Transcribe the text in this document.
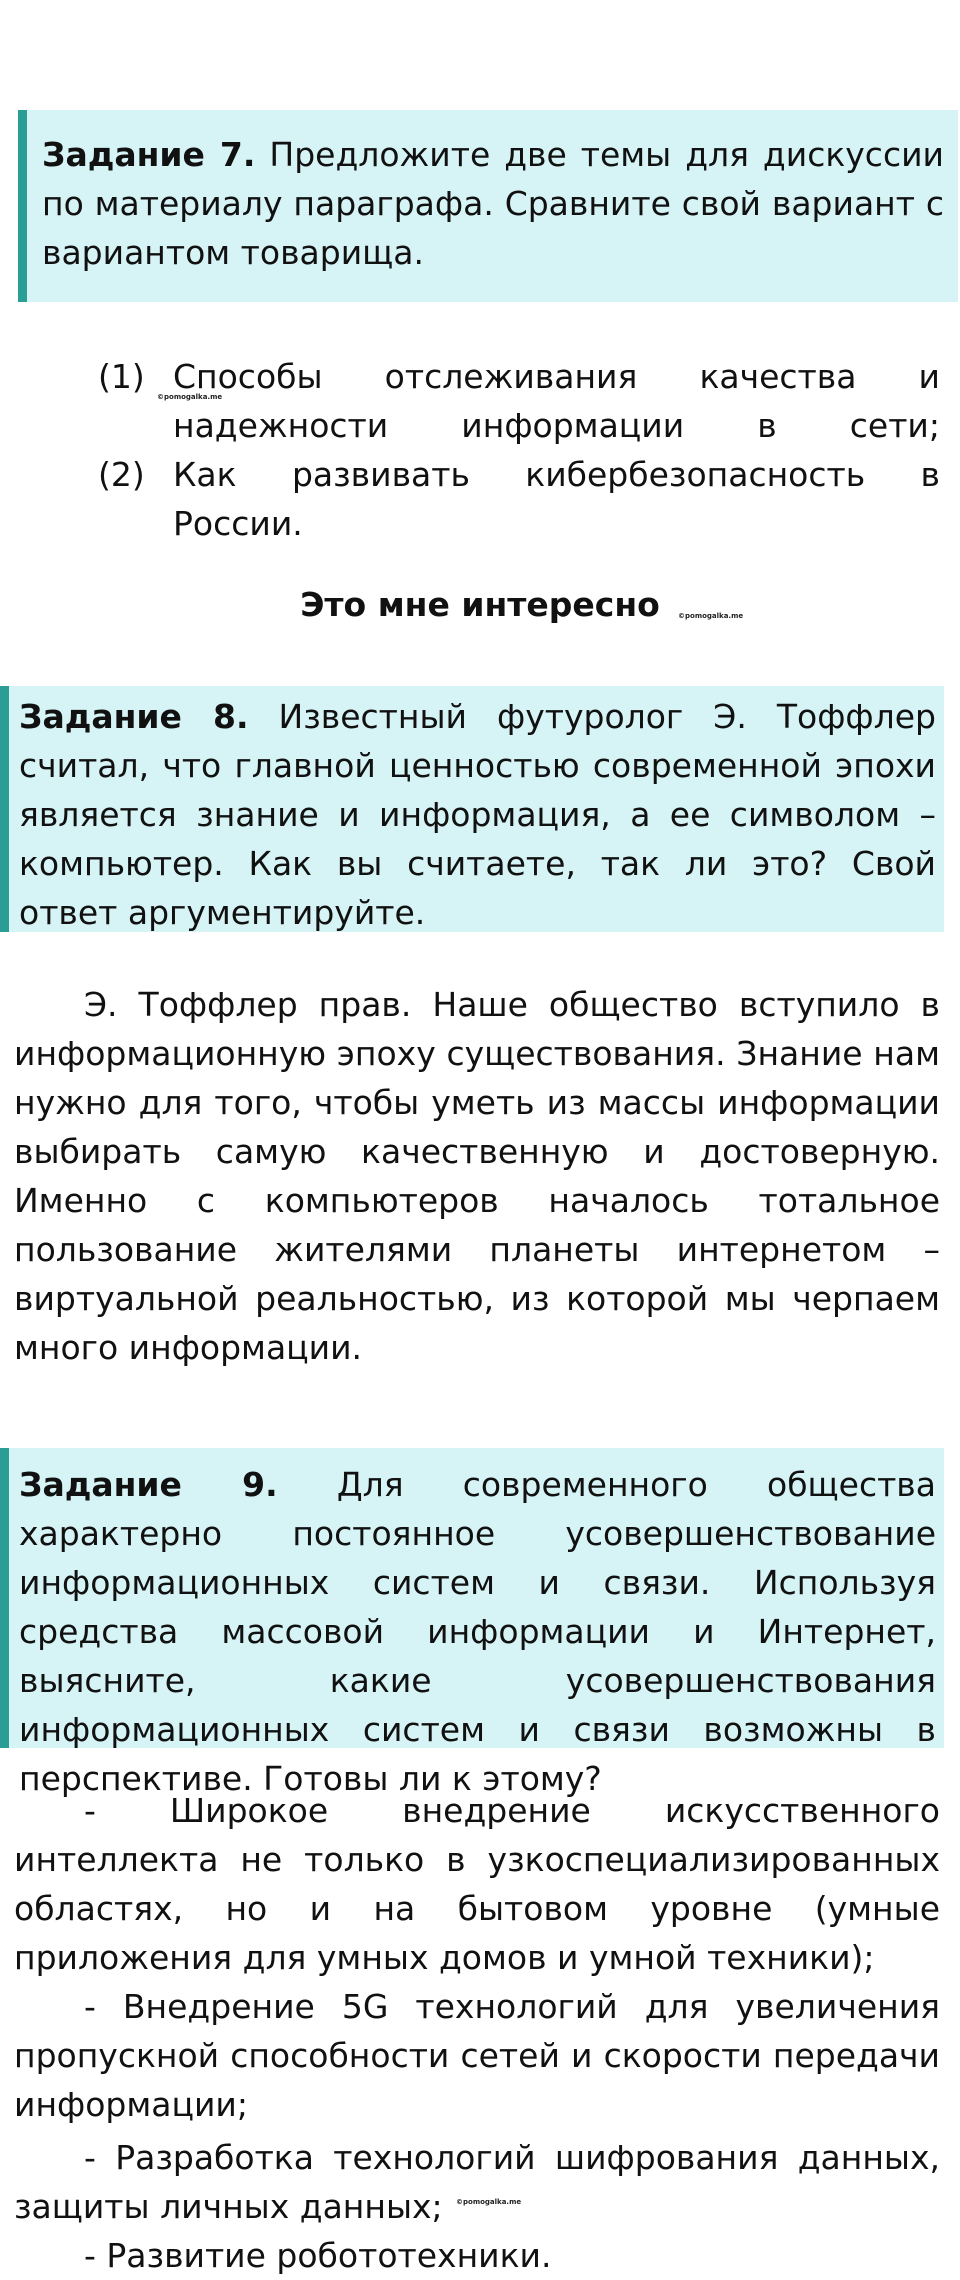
Задание 7. Предложите две темы для дискуссии по материалу параграфа. Сравните свой вариант с вариантом товарища.
(1) Способы отслеживания качества и надежности информации в сети;
(2) Как развивать кибербезопасность в России.
©pomogalka.me
Это мне интересно	©pomogalka.me
Задание 8. Известный футуролог Э. Тоффлер считал, что главной ценностью современной эпохи является знание и информация, а ее символом – компьютер. Как вы считаете, так ли это? Свой ответ аргументируйте.

Э. Тоффлер прав. Наше общество вступило в информационную эпоху существования. Знание нам нужно для того, чтобы уметь из массы информации выбирать самую качественную и достоверную. Именно с компьютеров началось тотальное пользование жителями планеты интернетом – виртуальной реальностью, из которой мы черпаем много информации.

Задание 9. Для современного общества характерно постоянное усовершенствование информационных систем и связи. Используя средства массовой информации и Интернет, выясните, какие усовершенствования информационных систем и связи возможны в перспективе. Готовы ли к этому?

- Широкое внедрение искусственного интеллекта не только в узкоспециализированных областях, но и на бытовом уровне (умные приложения для умных домов и умной техники);

- Внедрение 5G технологий для увеличения пропускной способности сетей и скорости передачи информации;

- Разработка технологий шифрования данных, защиты личных данных;

- Развитие робототехники.

©pomogalka.me
